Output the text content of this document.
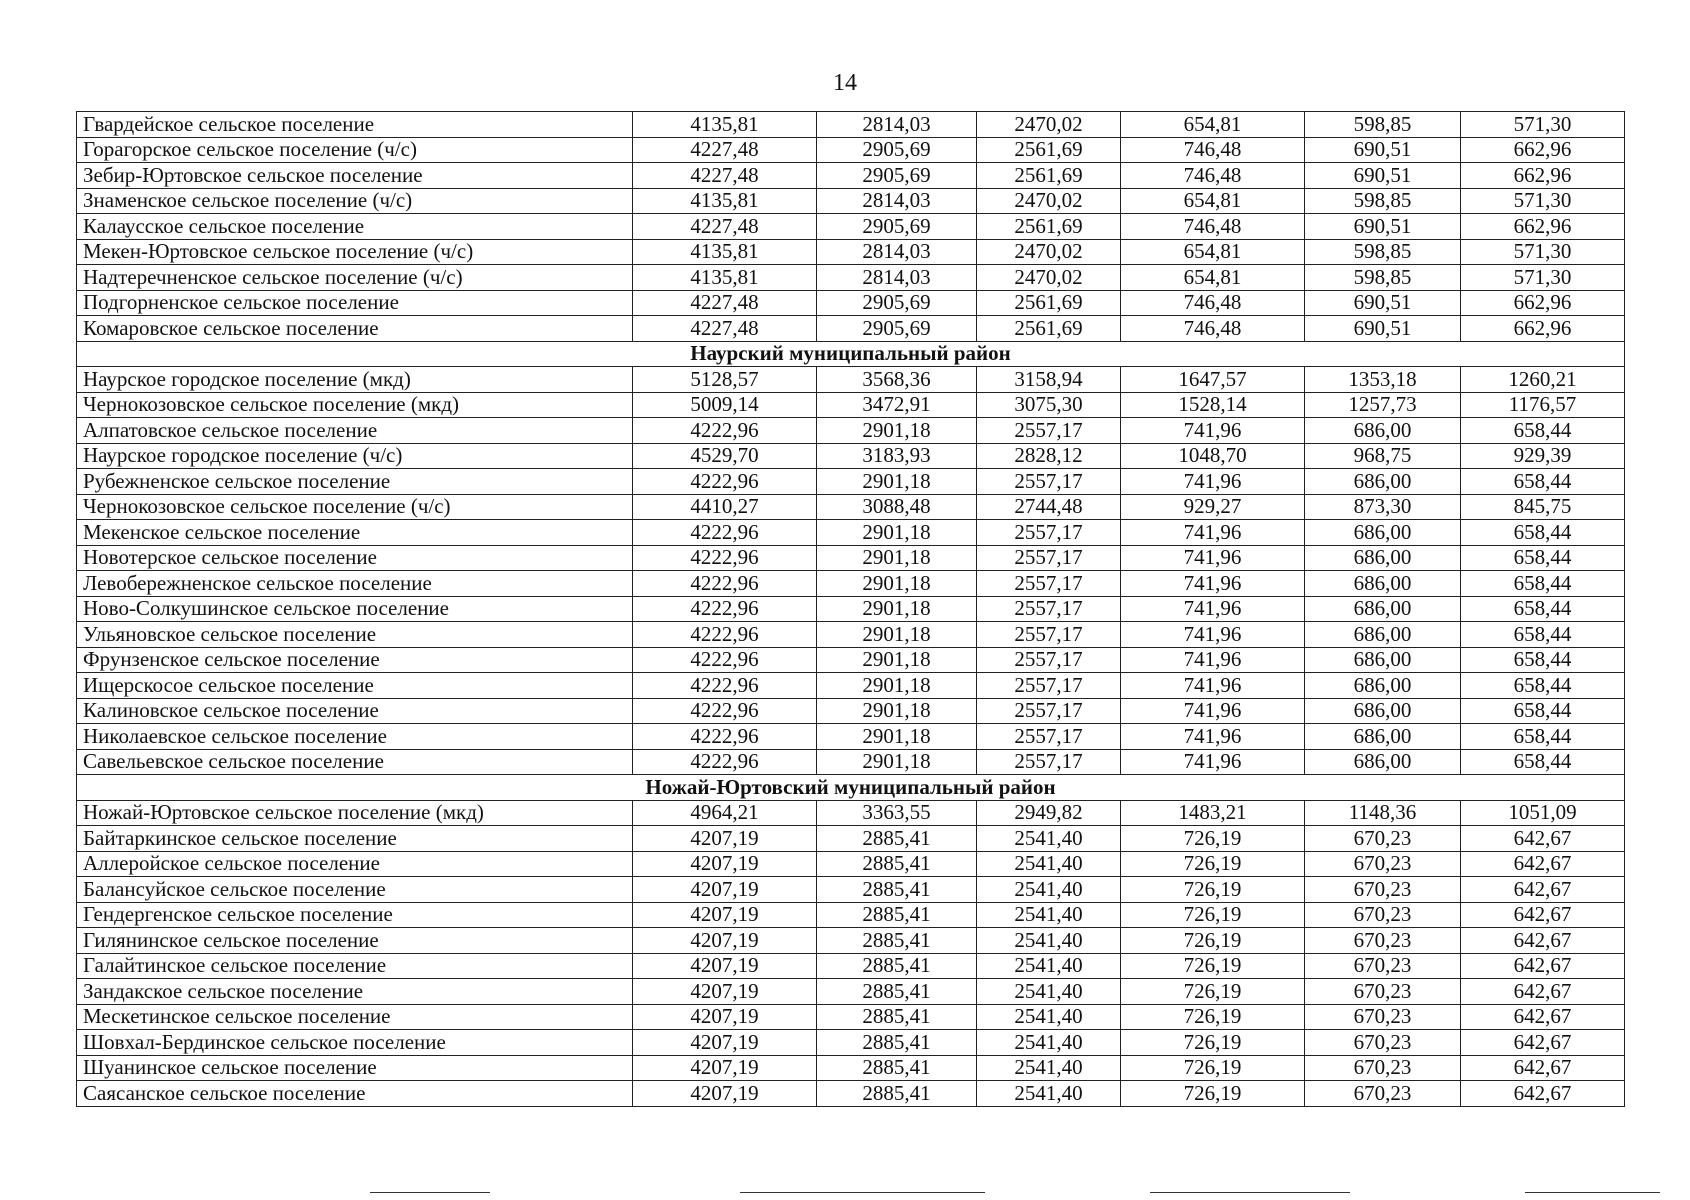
14
Гвардейское сельское поселение	4135,81	2814,03	2470,02	654,81	598,85	571,30
Горагорское сельское поселение (ч/с)	4227,48	2905,69	2561,69	746,48	690,51	662,96
Зебир-Юртовское сельское поселение	4227,48	2905,69	2561,69	746,48	690,51	662,96
Знаменское сельское поселение (ч/с)	4135,81	2814,03	2470,02	654,81	598,85	571,30
Калаусское сельское поселение	4227,48	2905,69	2561,69	746,48	690,51	662,96
Мекен-Юртовское сельское поселение (ч/с)	4135,81	2814,03	2470,02	654,81	598,85	571,30
Надтеречненское сельское поселение (ч/с)	4135,81	2814,03	2470,02	654,81	598,85	571,30
Подгорненское сельское поселение	4227,48	2905,69	2561,69	746,48	690,51	662,96
Комаровское сельское поселение	4227,48	2905,69	2561,69	746,48	690,51	662,96
Наурский муниципальный район						
Наурское городское поселение (мкд)	5128,57	3568,36	3158,94	1647,57	1353,18	1260,21
Чернокозовское сельское поселение (мкд)	5009,14	3472,91	3075,30	1528,14	1257,73	1176,57
Алпатовское сельское поселение	4222,96	2901,18	2557,17	741,96	686,00	658,44
Наурское городское поселение (ч/с)	4529,70	3183,93	2828,12	1048,70	968,75	929,39
Рубежненское сельское поселение	4222,96	2901,18	2557,17	741,96	686,00	658,44
Чернокозовское сельское поселение (ч/с)	4410,27	3088,48	2744,48	929,27	873,30	845,75
Мекенское сельское поселение	4222,96	2901,18	2557,17	741,96	686,00	658,44
Новотерское сельское поселение	4222,96	2901,18	2557,17	741,96	686,00	658,44
Левобережненское сельское поселение	4222,96	2901,18	2557,17	741,96	686,00	658,44
Ново-Солкушинское сельское поселение	4222,96	2901,18	2557,17	741,96	686,00	658,44
Ульяновское сельское поселение	4222,96	2901,18	2557,17	741,96	686,00	658,44
Фрунзенское сельское поселение	4222,96	2901,18	2557,17	741,96	686,00	658,44
Ищерскосое сельское поселение	4222,96	2901,18	2557,17	741,96	686,00	658,44
Калиновское сельское поселение	4222,96	2901,18	2557,17	741,96	686,00	658,44
Николаевское сельское поселение	4222,96	2901,18	2557,17	741,96	686,00	658,44
Савельевское сельское поселение	4222,96	2901,18	2557,17	741,96	686,00	658,44
Ножай-Юртовский муниципальный район						
Ножай-Юртовское сельское поселение (мкд)	4964,21	3363,55	2949,82	1483,21	1148,36	1051,09
Байтаркинское сельское поселение	4207,19	2885,41	2541,40	726,19	670,23	642,67
Аллеройское сельское поселение	4207,19	2885,41	2541,40	726,19	670,23	642,67
Балансуйское сельское поселение	4207,19	2885,41	2541,40	726,19	670,23	642,67
Гендергенское сельское поселение	4207,19	2885,41	2541,40	726,19	670,23	642,67
Гилянинское сельское поселение	4207,19	2885,41	2541,40	726,19	670,23	642,67
Галайтинское сельское поселение	4207,19	2885,41	2541,40	726,19	670,23	642,67
Зандакское сельское поселение	4207,19	2885,41	2541,40	726,19	670,23	642,67
Мескетинское сельское поселение	4207,19	2885,41	2541,40	726,19	670,23	642,67
Шовхал-Бердинское сельское поселение	4207,19	2885,41	2541,40	726,19	670,23	642,67
Шуанинское сельское поселение	4207,19	2885,41	2541,40	726,19	670,23	642,67
Саясанское сельское поселение	4207,19	2885,41	2541,40	726,19	670,23	642,67
